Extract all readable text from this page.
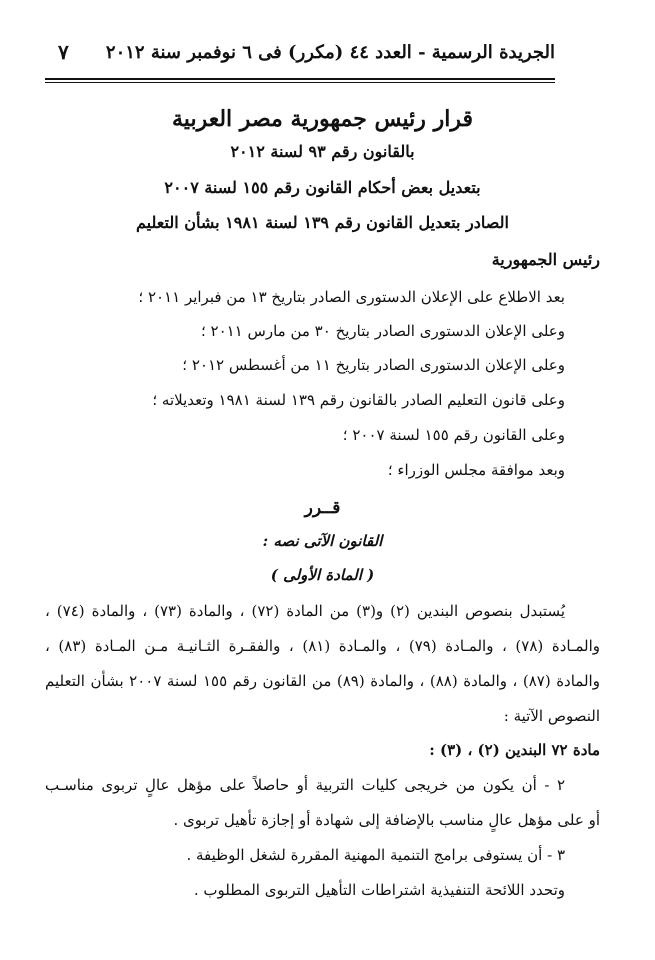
الجريدة الرسمية - العدد ٤٤ (مكرر) فى ٦ نوفمبر سنة ٢٠١٢
٧
قرار رئيس جمهورية مصر العربية
بالقانون رقم ٩٣ لسنة ٢٠١٢
بتعديل بعض أحكام القانون رقم ١٥٥ لسنة ٢٠٠٧
الصادر بتعديل القانون رقم ١٣٩ لسنة ١٩٨١ بشأن التعليم
رئيس الجمهورية
بعد الاطلاع على الإعلان الدستورى الصادر بتاريخ ١٣ من فبراير ٢٠١١ ؛
وعلى الإعلان الدستورى الصادر بتاريخ ٣٠ من مارس ٢٠١١ ؛
وعلى الإعلان الدستورى الصادر بتاريخ ١١ من أغسطس ٢٠١٢ ؛
وعلى قانون التعليم الصادر بالقانون رقم ١٣٩ لسنة ١٩٨١ وتعديلاته ؛
وعلى القانون رقم ١٥٥ لسنة ٢٠٠٧ ؛
وبعد موافقة مجلس الوزراء ؛
قــرر
القانون الآتى نصه :
( المادة الأولى )
يُستبدل بنصوص البندين (٢) و(٣) من المادة (٧٢) ، والمادة (٧٣) ، والمادة (٧٤) ،
والمـادة (٧٨) ، والمـادة (٧٩) ، والمـادة (٨١) ، والفقـرة الثـانيـة مـن المـادة (٨٣) ،
والمادة (٨٧) ، والمادة (٨٨) ، والمادة (٨٩) من القانون رقم ١٥٥ لسنة ٢٠٠٧ بشأن التعليم
النصوص الآتية :
مادة ٧٢ البندين (٢) ، (٣) :
٢ - أن يكون من خريجى كليات التربية أو حاصلاً على مؤهل عالٍ تربوى مناسـب
أو على مؤهل عالٍ مناسب بالإضافة إلى شهادة أو إجازة تأهيل تربوى .
٣ - أن يستوفى برامج التنمية المهنية المقررة لشغل الوظيفة .
وتحدد اللائحة التنفيذية اشتراطات التأهيل التربوى المطلوب .
